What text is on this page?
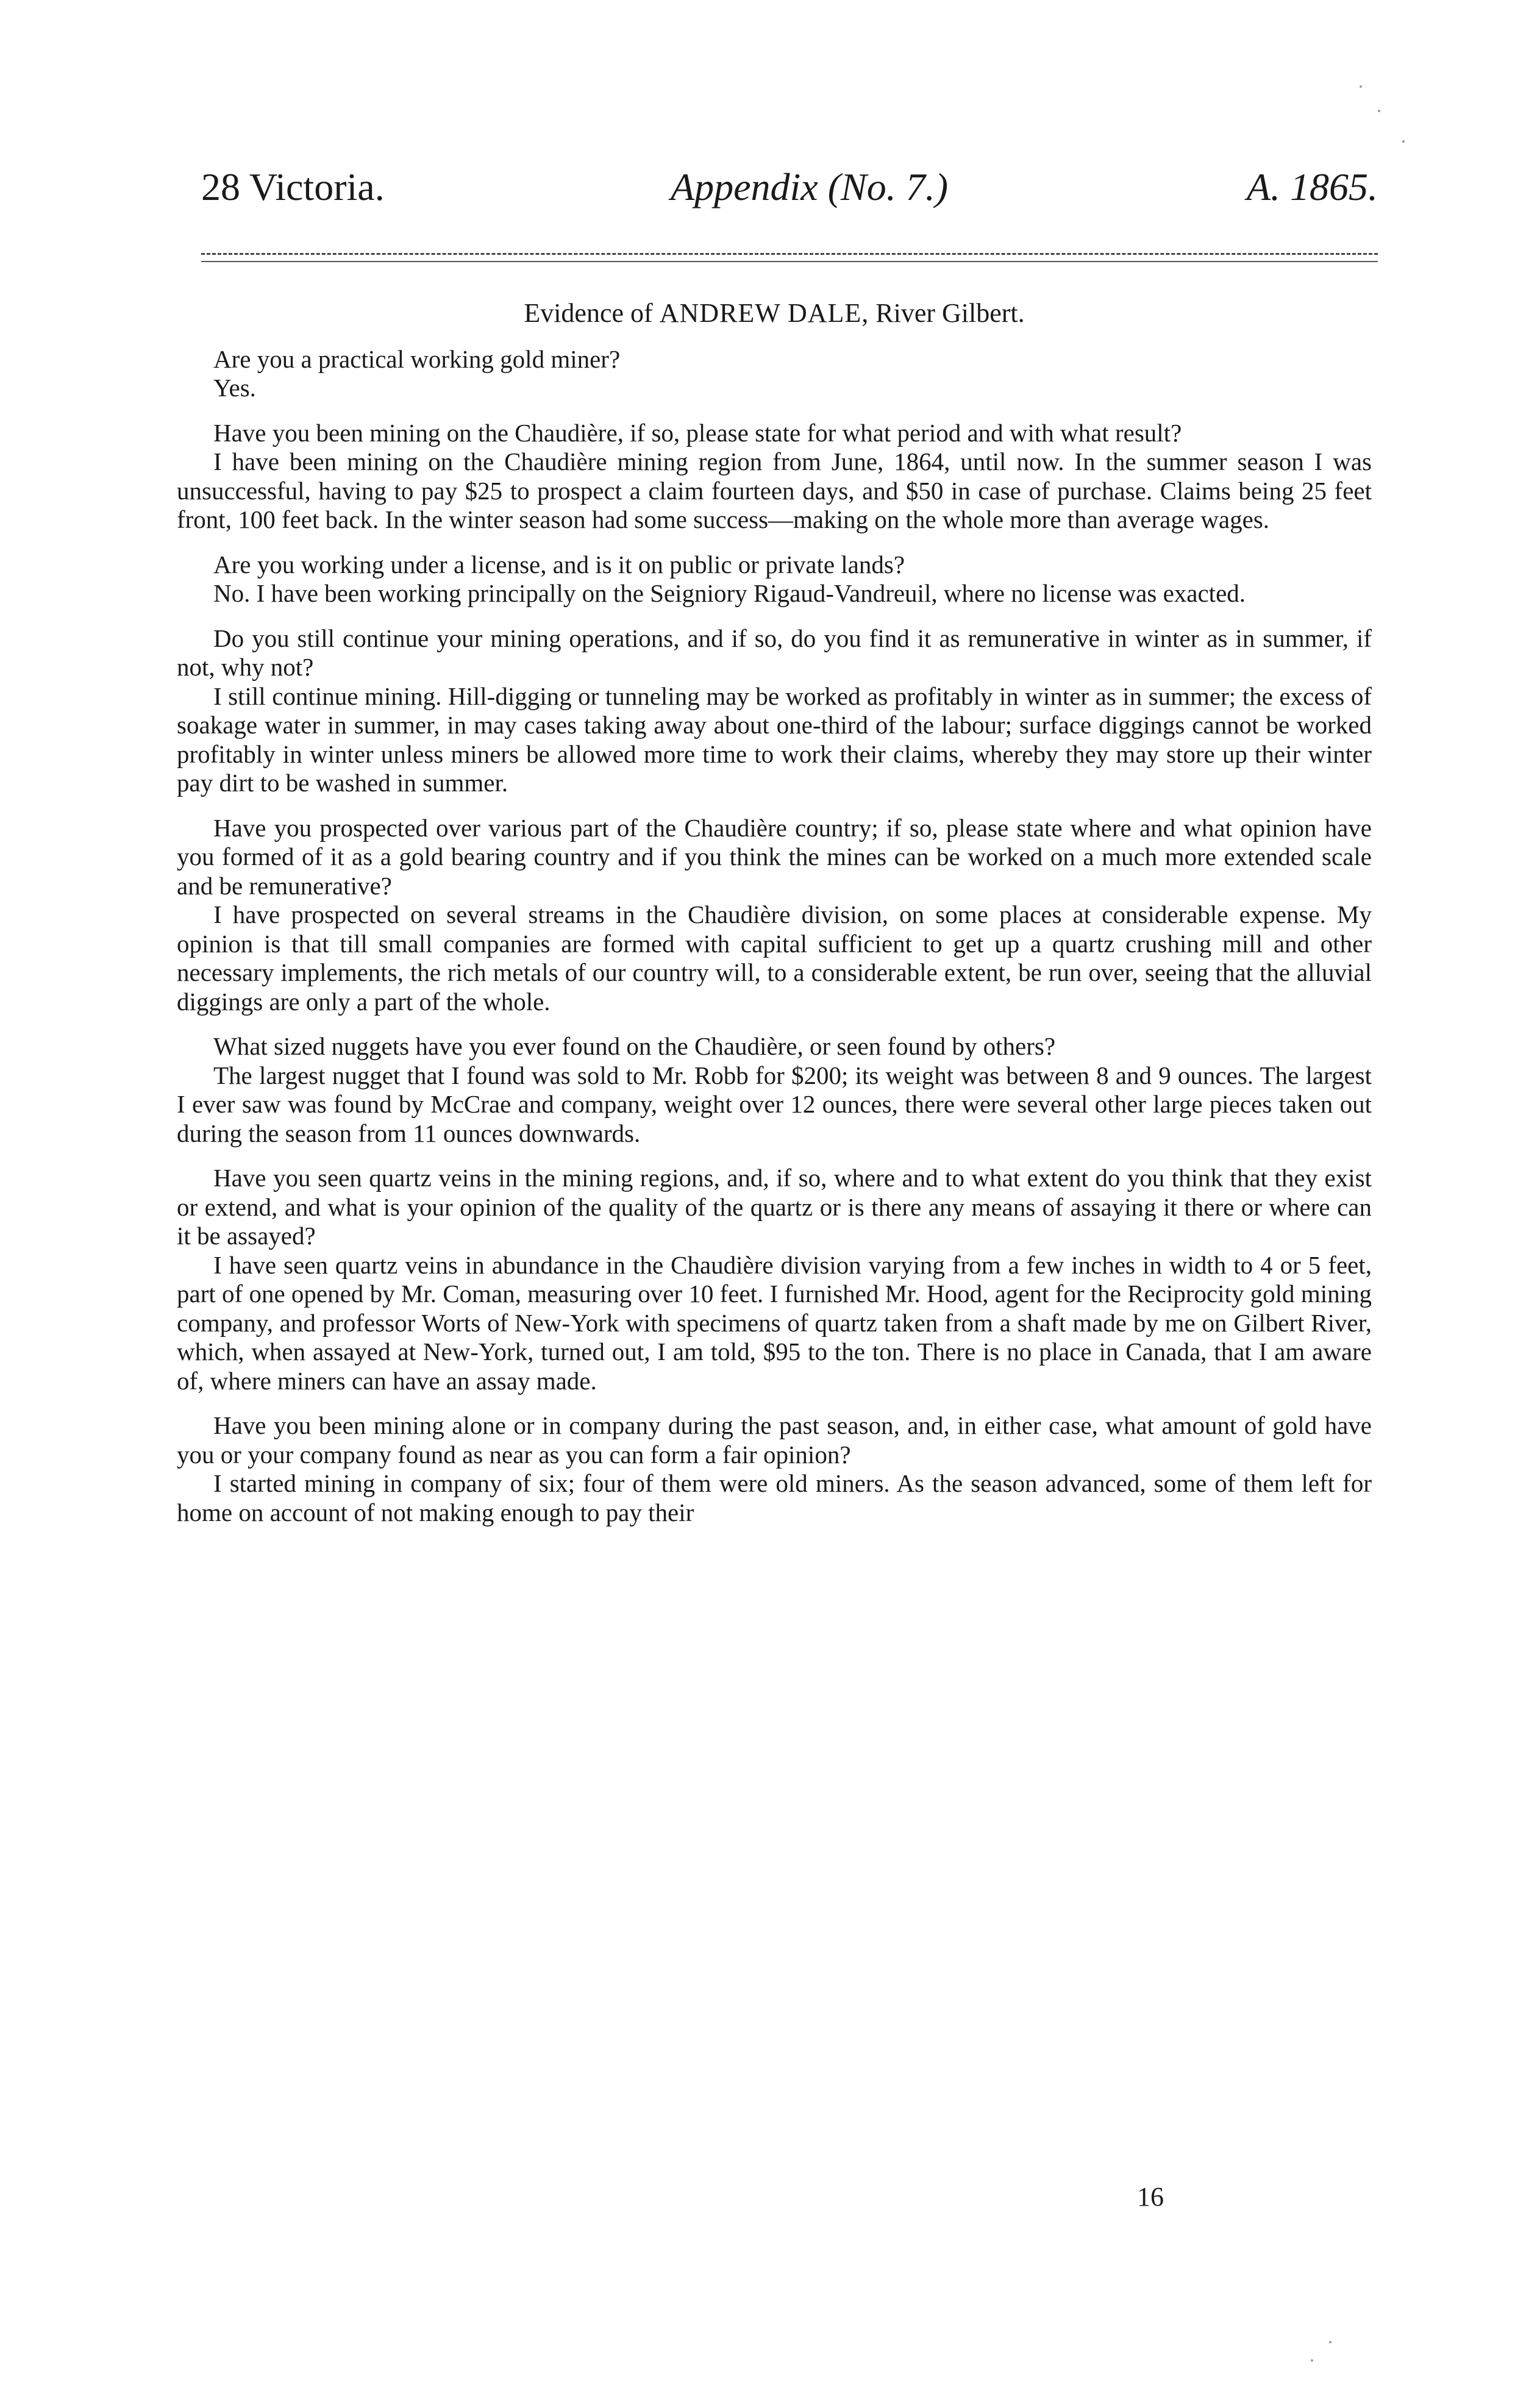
28 Victoria.	Appendix (No. 7.)	A. 1865.

Evidence of ANDREW DALE, River Gilbert.

Are you a practical working gold miner?

Yes.

Have you been mining on the Chaudière, if so, please state for what period and with what result?

I have been mining on the Chaudière mining region from June, 1864, until now. In the summer season I was unsuccessful, having to pay $25 to prospect a claim fourteen days, and $50 in case of purchase. Claims being 25 feet front, 100 feet back. In the winter season had some success—making on the whole more than average wages.

Are you working under a license, and is it on public or private lands?

No. I have been working principally on the Seigniory Rigaud-Vandreuil, where no license was exacted.

Do you still continue your mining operations, and if so, do you find it as remunerative in winter as in summer, if not, why not?

I still continue mining. Hill-digging or tunneling may be worked as profitably in winter as in summer; the excess of soakage water in summer, in may cases taking away about one-third of the labour; surface diggings cannot be worked profitably in winter unless miners be allowed more time to work their claims, whereby they may store up their winter pay dirt to be washed in summer.

Have you prospected over various part of the Chaudière country; if so, please state where and what opinion have you formed of it as a gold bearing country and if you think the mines can be worked on a much more extended scale and be remunerative?

I have prospected on several streams in the Chaudière division, on some places at considerable expense. My opinion is that till small companies are formed with capital sufficient to get up a quartz crushing mill and other necessary implements, the rich metals of our country will, to a considerable extent, be run over, seeing that the alluvial diggings are only a part of the whole.

What sized nuggets have you ever found on the Chaudière, or seen found by others?

The largest nugget that I found was sold to Mr. Robb for $200; its weight was between 8 and 9 ounces. The largest I ever saw was found by McCrae and company, weight over 12 ounces, there were several other large pieces taken out during the season from 11 ounces downwards.

Have you seen quartz veins in the mining regions, and, if so, where and to what extent do you think that they exist or extend, and what is your opinion of the quality of the quartz or is there any means of assaying it there or where can it be assayed?

I have seen quartz veins in abundance in the Chaudière division varying from a few inches in width to 4 or 5 feet, part of one opened by Mr. Coman, measuring over 10 feet. I furnished Mr. Hood, agent for the Reciprocity gold mining company, and professor Worts of New-York with specimens of quartz taken from a shaft made by me on Gilbert River, which, when assayed at New-York, turned out, I am told, $95 to the ton. There is no place in Canada, that I am aware of, where miners can have an assay made.

Have you been mining alone or in company during the past season, and, in either case, what amount of gold have you or your company found as near as you can form a fair opinion?

I started mining in company of six; four of them were old miners. As the season advanced, some of them left for home on account of not making enough to pay their

16
